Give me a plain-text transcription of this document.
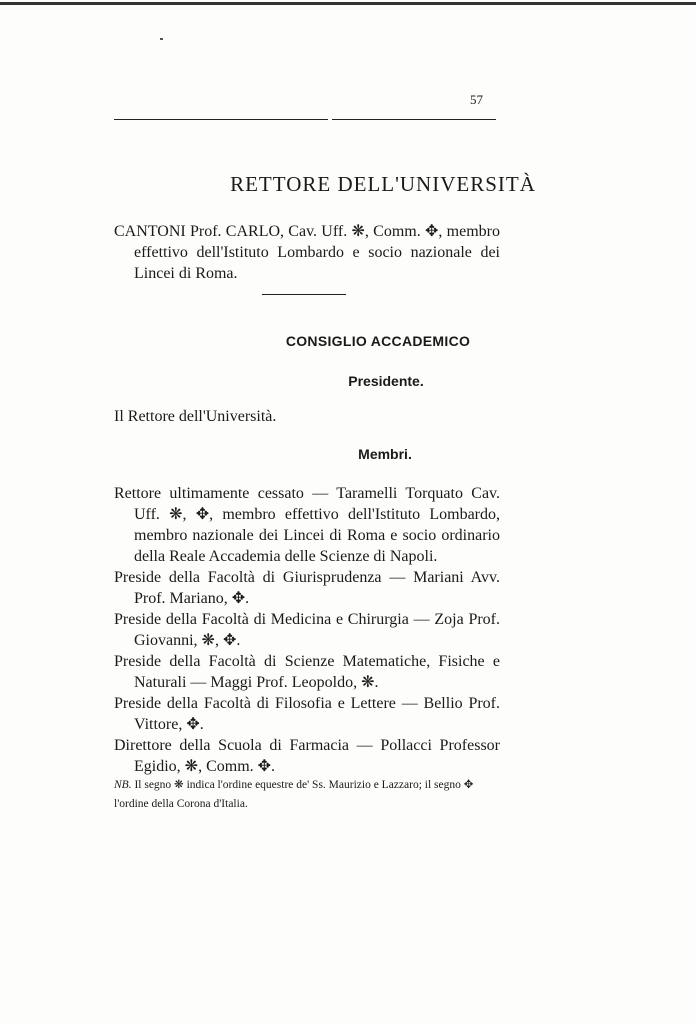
57
RETTORE DELL'UNIVERSITÀ

CANTONI Prof. CARLO, Cav. Uff. ❋, Comm. ✥, membro effettivo dell'Istituto Lombardo e socio nazionale dei Lincei di Roma.

CONSIGLIO ACCADEMICO
Presidente.

Il Rettore dell'Università.

Membri.

Rettore ultimamente cessato — Taramelli Torquato Cav. Uff. ❋, ✥, membro effettivo dell'Istituto Lombardo, membro nazionale dei Lincei di Roma e socio ordinario della Reale Accademia delle Scienze di Napoli.

Preside della Facoltà di Giurisprudenza — Mariani Avv. Prof. Mariano, ✥.

Preside della Facoltà di Medicina e Chirurgia — Zoja Prof. Giovanni, ❋, ✥.

Preside della Facoltà di Scienze Matematiche, Fisiche e Naturali — Maggi Prof. Leopoldo, ❋.

Preside della Facoltà di Filosofia e Lettere — Bellio Prof. Vittore, ✥.

Direttore della Scuola di Farmacia — Pollacci Professor Egidio, ❋, Comm. ✥.

NB. Il segno ❋ indica l'ordine equestre de' Ss. Maurizio e Lazzaro; il segno ✥ l'ordine della Corona d'Italia.
